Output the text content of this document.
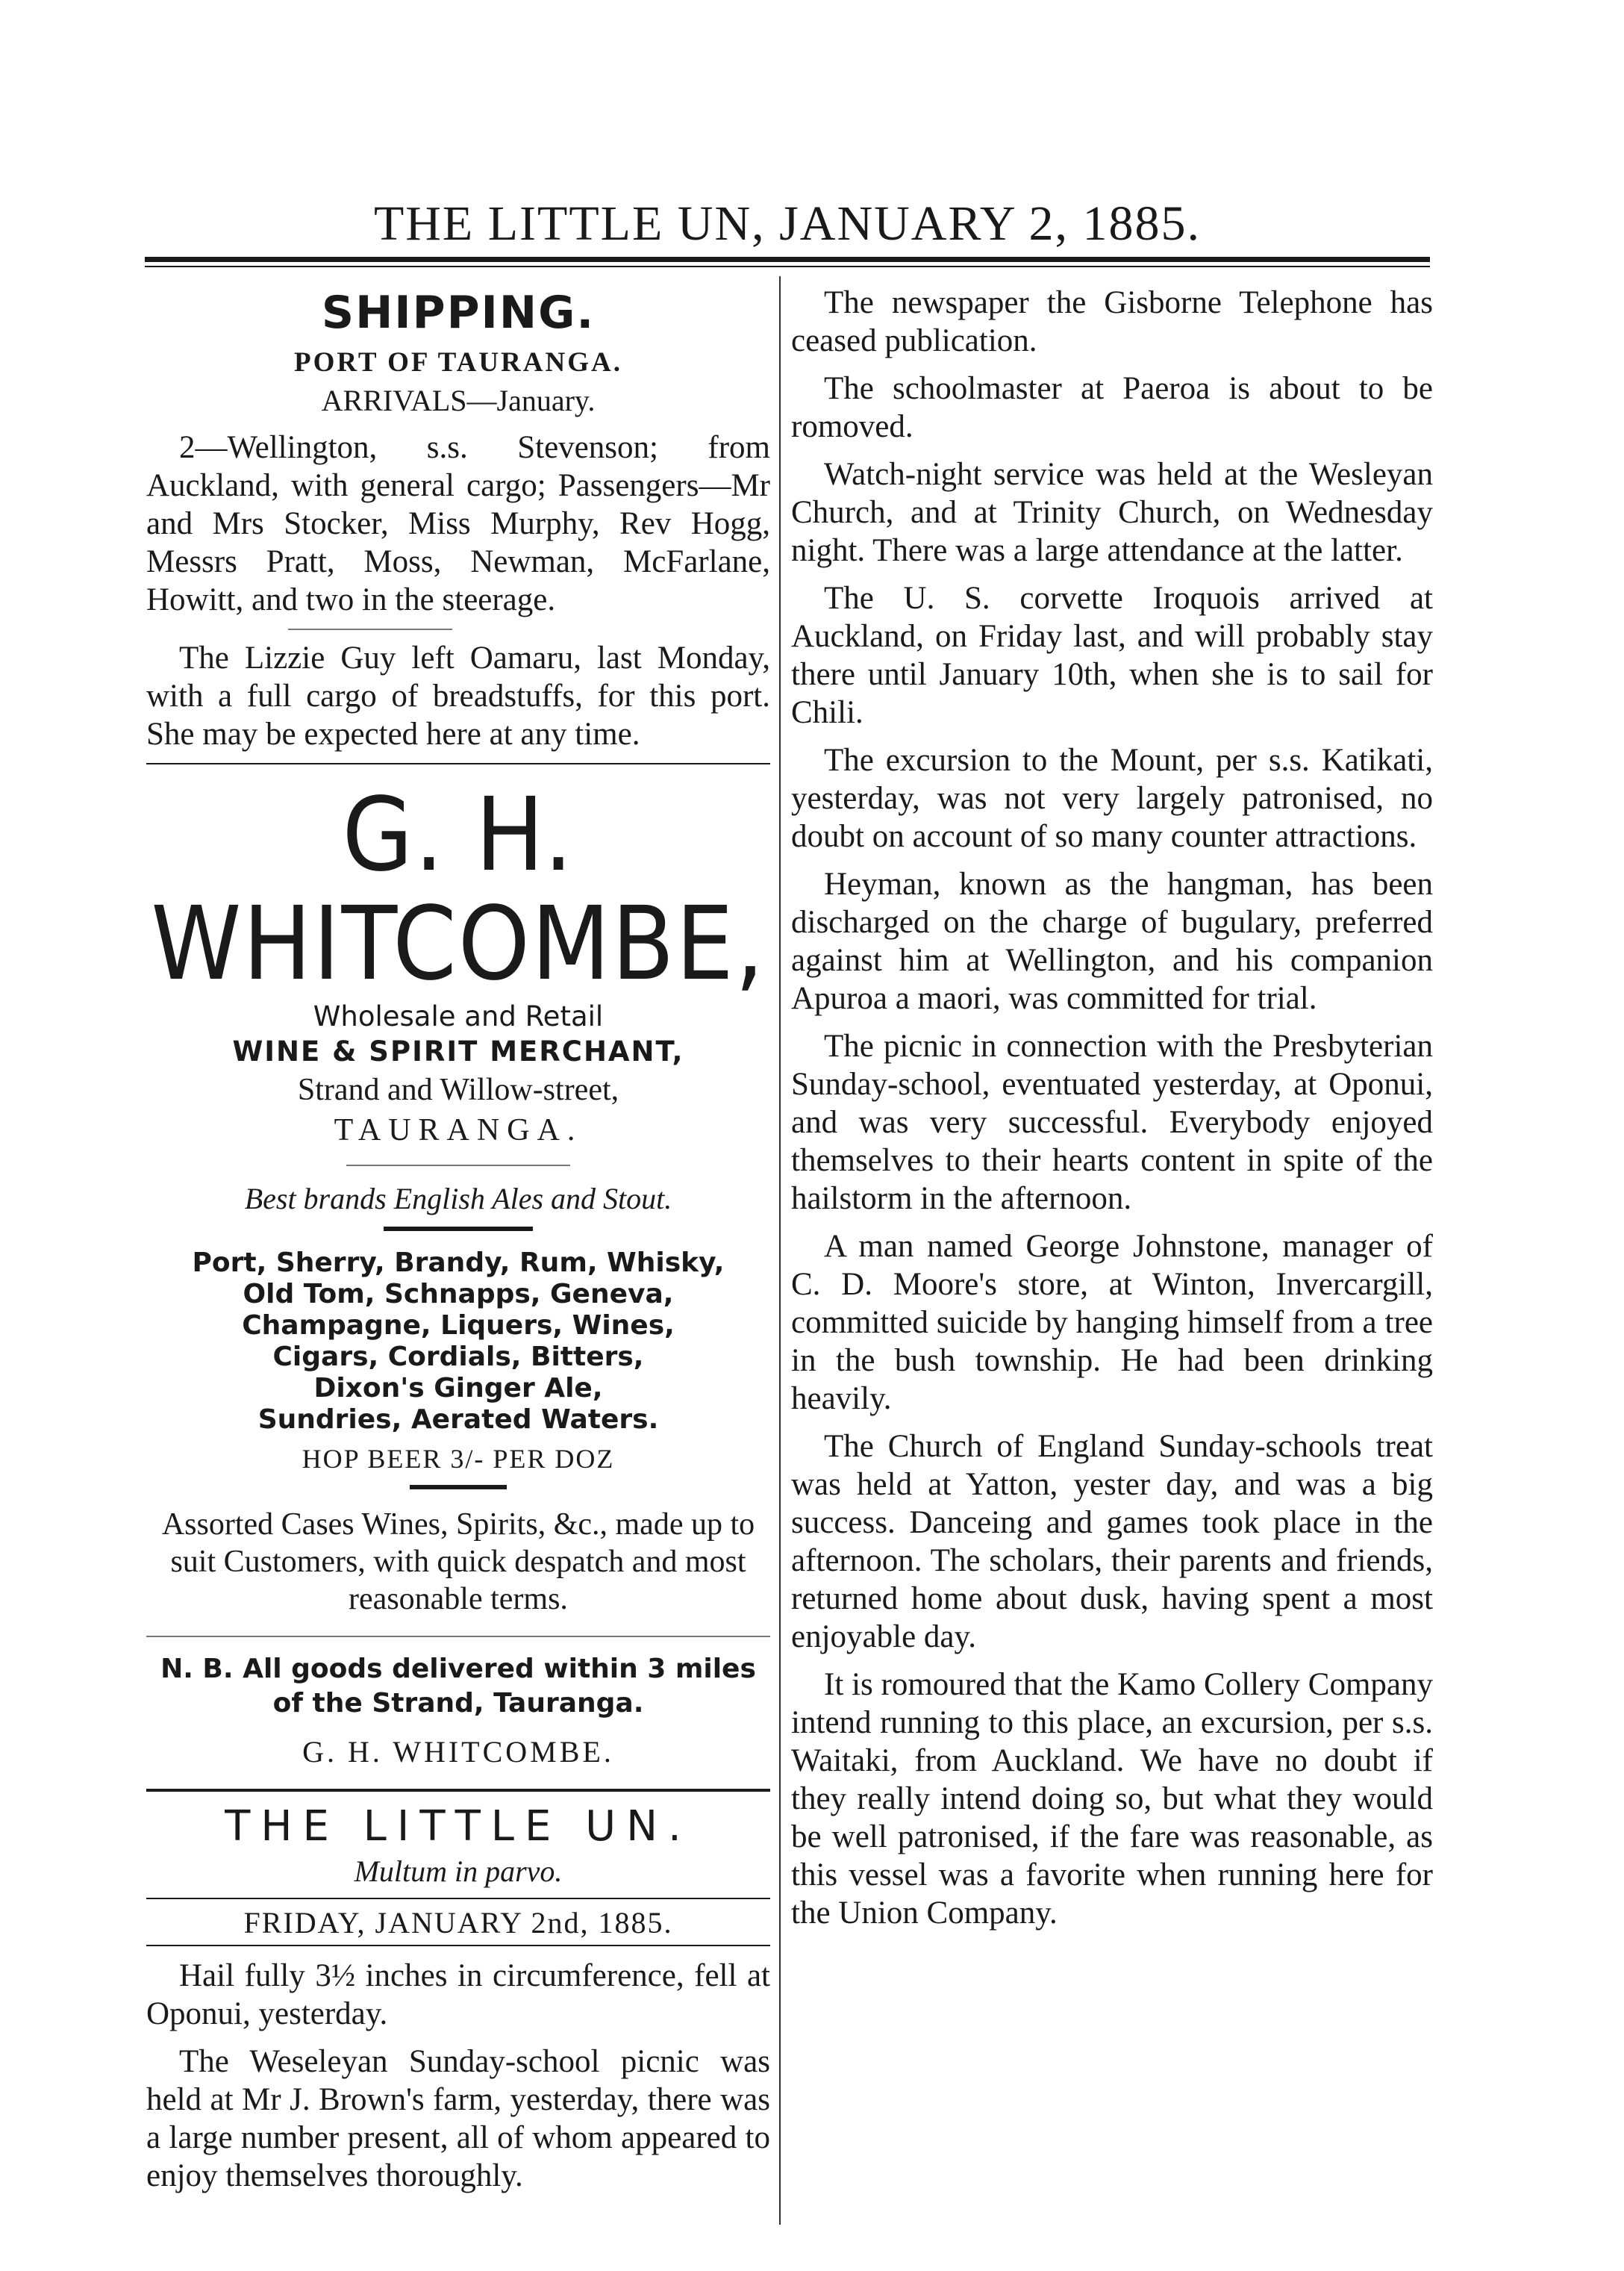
THE LITTLE UN, JANUARY 2, 1885.
SHIPPING.
PORT OF TAURANGA.
ARRIVALS—January.

2—Wellington, s.s. Stevenson; from Auckland, with general cargo; Passengers—Mr and Mrs Stocker, Miss Murphy, Rev Hogg, Messrs Pratt, Moss, Newman, McFarlane, Howitt, and two in the steerage.

The Lizzie Guy left Oamaru, last Monday, with a full cargo of breadstuffs, for this port. She may be expected here at any time.

G. H. WHITCOMBE,
Wholesale and Retail
WINE & SPIRIT MERCHANT,
Strand and Willow-street,
TAURANGA.
Best brands English Ales and Stout.
Port, Sherry, Brandy, Rum, Whisky,
Old Tom, Schnapps, Geneva,
Champagne, Liquers, Wines,
Cigars, Cordials, Bitters,
Dixon's Ginger Ale,
Sundries, Aerated Waters.
HOP BEER 3/- PER DOZ
Assorted Cases Wines, Spirits, &c., made up to suit Customers, with quick despatch and most reasonable terms.
N. B. All goods delivered within 3 miles of the Strand, Tauranga.
G. H. WHITCOMBE.
THE LITTLE UN.
Multum in parvo.
FRIDAY, JANUARY 2nd, 1885.

Hail fully 3½ inches in circumference, fell at Oponui, yesterday.

The Weseleyan Sunday-school picnic was held at Mr J. Brown's farm, yesterday, there was a large number present, all of whom appeared to enjoy themselves thoroughly.

The newspaper the Gisborne Telephone has ceased publication.

The schoolmaster at Paeroa is about to be romoved.

Watch-night service was held at the Wesleyan Church, and at Trinity Church, on Wednesday night. There was a large attendance at the latter.

The U. S. corvette Iroquois arrived at Auckland, on Friday last, and will probably stay there until January 10th, when she is to sail for Chili.

The excursion to the Mount, per s.s. Katikati, yesterday, was not very largely patronised, no doubt on account of so many counter attractions.

Heyman, known as the hangman, has been discharged on the charge of bugulary, preferred against him at Wellington, and his companion Apuroa a maori, was committed for trial.

The picnic in connection with the Presbyterian Sunday-school, eventuated yesterday, at Oponui, and was very successful. Everybody enjoyed themselves to their hearts content in spite of the hailstorm in the afternoon.

A man named George Johnstone, manager of C. D. Moore's store, at Winton, Invercargill, committed suicide by hanging himself from a tree in the bush township. He had been drinking heavily.

The Church of England Sunday-schools treat was held at Yatton, yester day, and was a big success. Danceing and games took place in the afternoon. The scholars, their parents and friends, returned home about dusk, having spent a most enjoyable day.

It is romoured that the Kamo Collery Company intend running to this place, an excursion, per s.s. Waitaki, from Auckland. We have no doubt if they really intend doing so, but what they would be well patronised, if the fare was reasonable, as this vessel was a favorite when running here for the Union Company.
